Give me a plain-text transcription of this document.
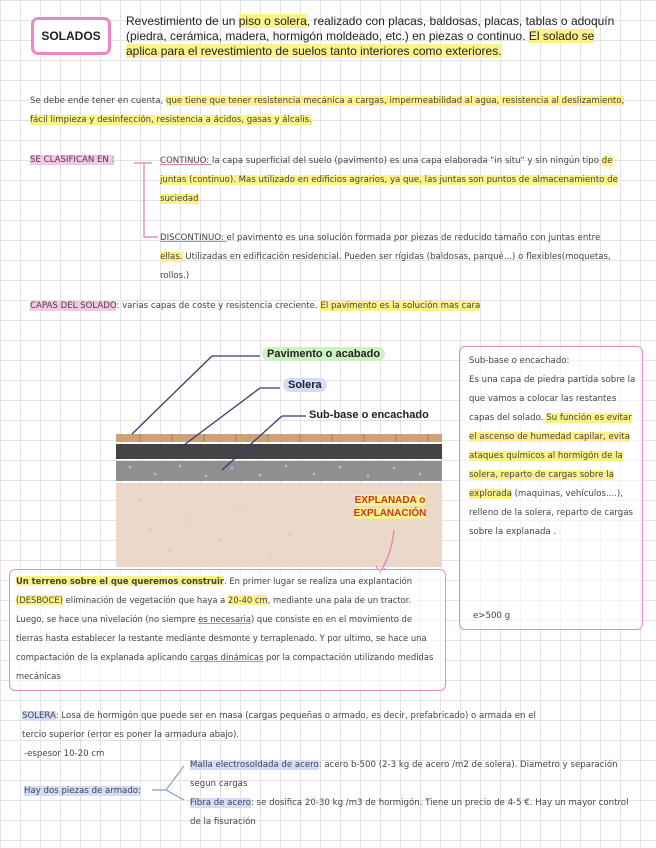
SOLADOS
Revestimiento de un piso o solera, realizado con placas, baldosas, placas, tablas o adoquín (piedra, cerámica, madera, hormigón moldeado, etc.) en piezas o continuo. El solado se aplica para el revestimiento de suelos tanto interiores como exteriores.
Se debe ende tener en cuenta, que tiene que tener resistencia mecánica a cargas, impermeabilidad al agua, resistencia al deslizamiento, fácil limpieza y desinfección, resistencia a ácidos, gasas y álcalis.
SE CLASIFICAN EN :	CONTINUO: la capa superficial del suelo (pavimento) es una capa elaborada "in situ" y sin ningún tipo de juntas (continuo). Mas utilizado en edificios agrarios, ya que, las juntas son puntos de almacenamiento de suciedad
DISCONTINUO: el pavimento es una solución formada por piezas de reducido tamaño con juntas entre ellas. Utilizadas en edificación residencial. Pueden ser rígidas (baldosas, parqué...) o flexibles(moquetas, rollos.)
CAPAS DEL SOLADO: varias capas de coste y resistencia creciente. El pavimento es la solución mas cara
Pavimento o acabado
Solera
Sub-base o encachado
EXPLANADA o EXPLANACIÓN
Sub-base o encachado:
Es una capa de piedra partida sobre la que vamos a colocar las restantes capas del solado. Su función es evitar el ascenso de humedad capilar, evita ataques químicos al hormigón de la solera, reparto de cargas sobre la explorada (maquinas, vehículos....), relleno de la solera, reparto de cargas sobre la explanada .
e>500 g
Un terreno sobre el que queremos construir. En primer lugar se realiza una explantación (DESBOCE) eliminación de vegetación que haya a 20-40 cm, mediante una pala de un tractor. Luego, se hace una nivelación (no siempre es necesaria) que consiste en en el movimiento de tierras hasta establecer la restante mediante desmonte y terraplenado. Y por ultimo, se hace una compactación de la explanada aplicando cargas dinámicas por la compactación utilizando medidas mecánicas
SOLERA: Losa de hormigón que puede ser en masa (cargas pequeñas o armado, es decir, prefabricado) o armada en el tercio superior (error es poner la armadura abajo).
-espesor 10-20 cm
Hay dos piezas de armado:
Malla electrosoldada de acero: acero b-500 (2-3 kg de acero /m2 de solera). Diametro y separación segun cargas
Fibra de acero: se dosifica 20-30 kg /m3 de hormigón. Tiene un precio de 4-5 €. Hay un mayor control de la fisuración
